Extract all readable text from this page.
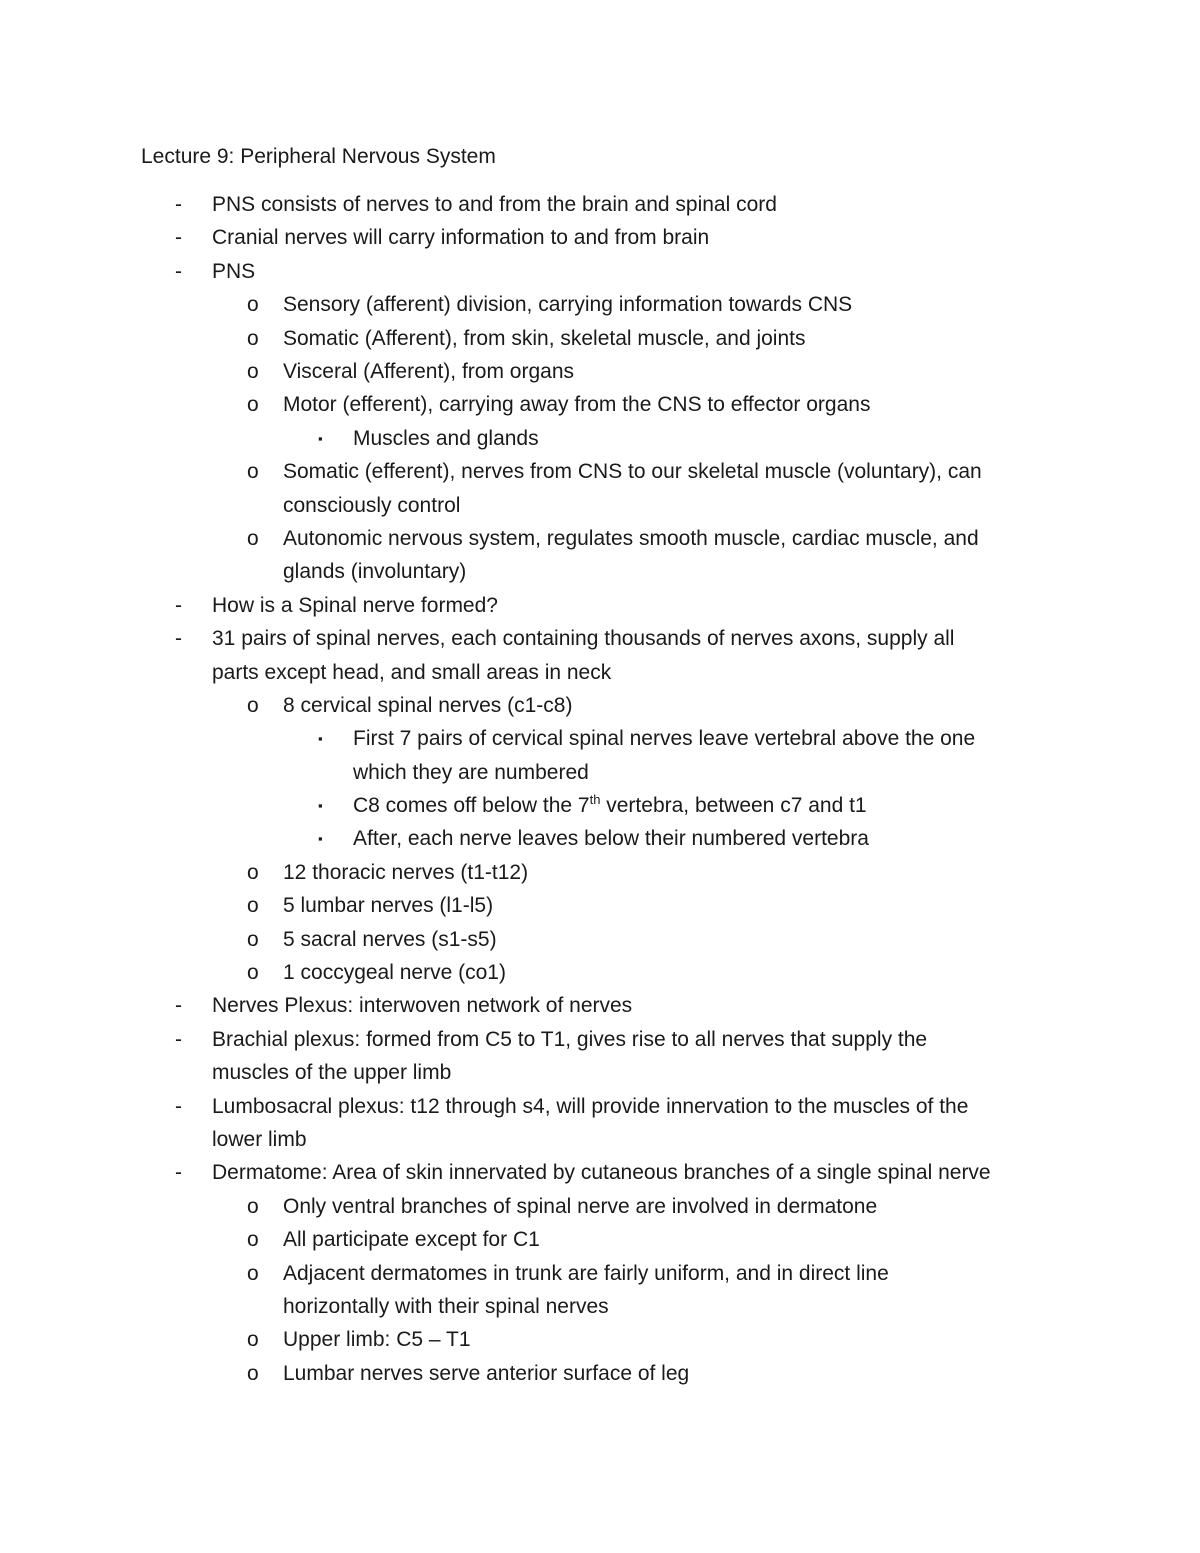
Lecture 9: Peripheral Nervous System
- PNS consists of nerves to and from the brain and spinal cord
- Cranial nerves will carry information to and from brain
- PNS
o Sensory (afferent) division, carrying information towards CNS
o Somatic (Afferent), from skin, skeletal muscle, and joints
o Visceral (Afferent), from organs
o Motor (efferent), carrying away from the CNS to effector organs
▪ Muscles and glands
o Somatic (efferent), nerves from CNS to our skeletal muscle (voluntary), can
consciously control
o Autonomic nervous system, regulates smooth muscle, cardiac muscle, and
glands (involuntary)
- How is a Spinal nerve formed?
- 31 pairs of spinal nerves, each containing thousands of nerves axons, supply all
parts except head, and small areas in neck
o 8 cervical spinal nerves (c1-c8)
▪ First 7 pairs of cervical spinal nerves leave vertebral above the one
which they are numbered
▪ C8 comes off below the 7th vertebra, between c7 and t1
▪ After, each nerve leaves below their numbered vertebra
o 12 thoracic nerves (t1-t12)
o 5 lumbar nerves (l1-l5)
o 5 sacral nerves (s1-s5)
o 1 coccygeal nerve (co1)
- Nerves Plexus: interwoven network of nerves
- Brachial plexus: formed from C5 to T1, gives rise to all nerves that supply the
muscles of the upper limb
- Lumbosacral plexus: t12 through s4, will provide innervation to the muscles of the
lower limb
- Dermatome: Area of skin innervated by cutaneous branches of a single spinal nerve
o Only ventral branches of spinal nerve are involved in dermatone
o All participate except for C1
o Adjacent dermatomes in trunk are fairly uniform, and in direct line
horizontally with their spinal nerves
o Upper limb: C5 – T1
o Lumbar nerves serve anterior surface of leg
